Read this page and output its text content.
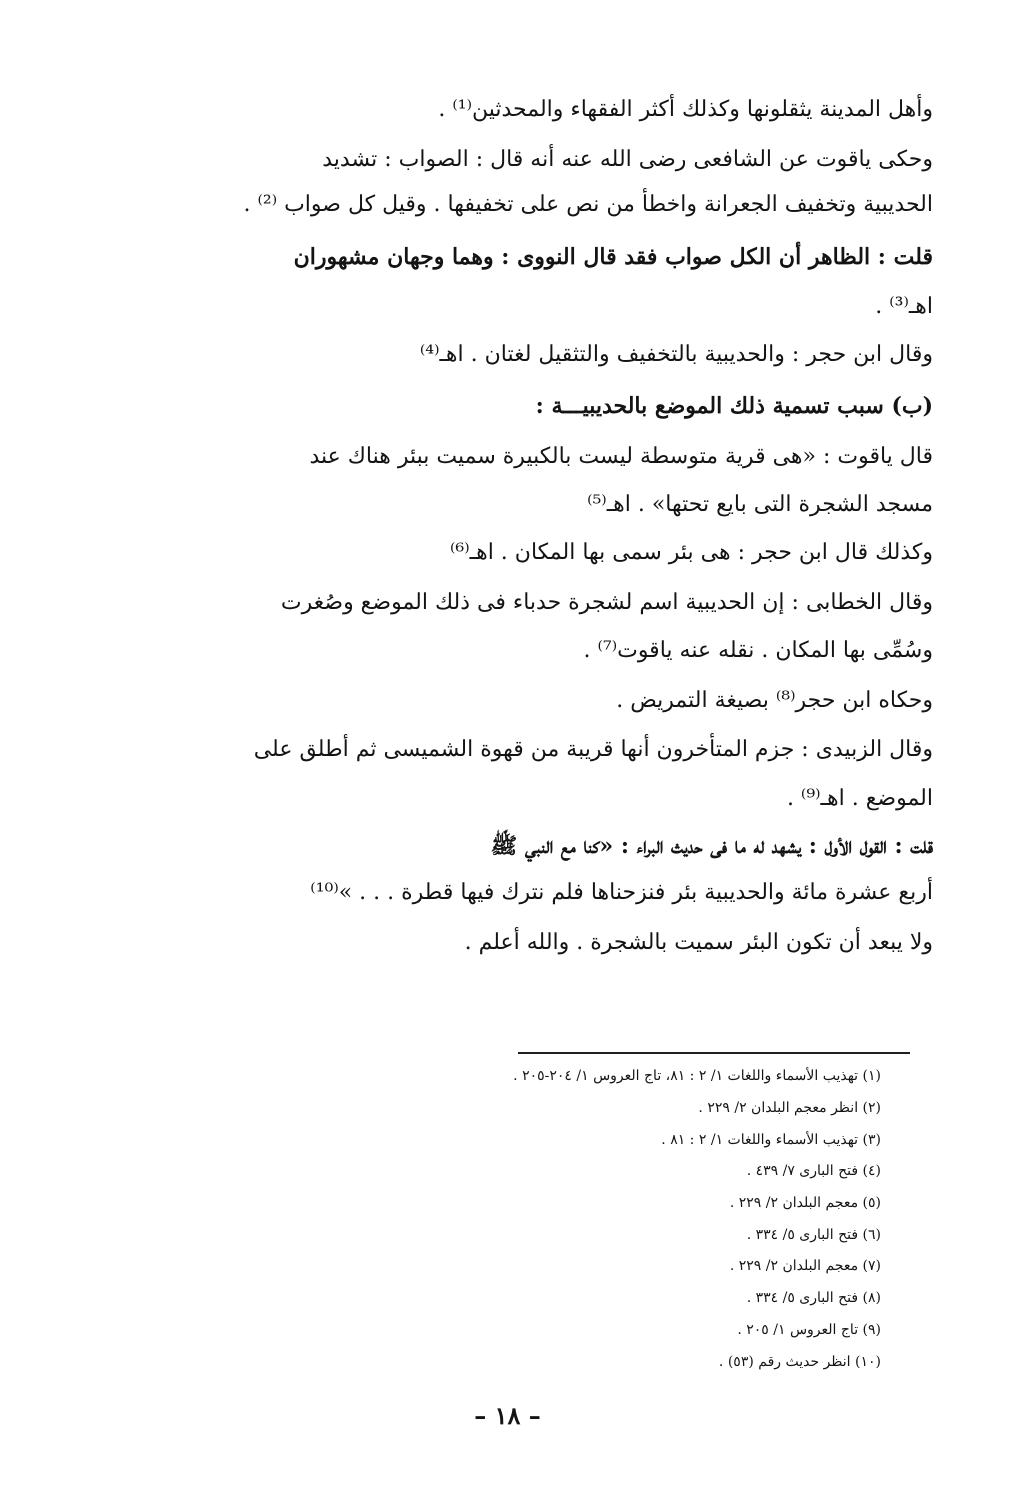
وأهل المدينة يثقلونها وكذلك أكثر الفقهاء والمحدثين⁽¹⁾ .
وحكى ياقوت عن الشافعى رضى الله عنه أنه قال : الصواب : تشديد
الحديبية وتخفيف الجعرانة واخطأ من نص على تخفيفها . وقيل كل صواب ⁽²⁾ .
قلت : الظاهر أن الكل صواب فقد قال النووى : وهما وجهان مشهوران
اهـ⁽³⁾ .
وقال ابن حجر : والحديبية بالتخفيف والتثقيل لغتان . اهـ⁽⁴⁾
(ب) سبب تسمية ذلك الموضع بالحديبيـــة :
قال ياقوت : «هى قرية متوسطة ليست بالكبيرة سميت ببئر هناك عند
مسجد الشجرة التى بايع تحتها» . اهـ⁽⁵⁾
وكذلك قال ابن حجر : هى بئر سمى بها المكان . اهـ⁽⁶⁾
وقال الخطابى : إن الحديبية اسم لشجرة حدباء فى ذلك الموضع وصُغرت
وسُمِّى بها المكان . نقله عنه ياقوت⁽⁷⁾ .
وحكاه ابن حجر⁽⁸⁾ بصيغة التمريض .
وقال الزبيدى : جزم المتأخرون أنها قريبة من قهوة الشميسى ثم أطلق على
الموضع . اهـ⁽⁹⁾ .
قلت : القول الأول : يشهد له ما فى حديث البراء : «كنا مع النبي ﷺ
أربع عشرة مائة والحديبية بئر فنزحناها فلم نترك فيها قطرة . . . »⁽¹⁰⁾
ولا يبعد أن تكون البئر سميت بالشجرة . والله أعلم .
(١) تهذيب الأسماء واللغات ١/ ٢ : ٨١، تاج العروس ١/ ٢٠٤-٢٠٥ .
(٢) انظر معجم البلدان ٢/ ٢٢٩ .
(٣) تهذيب الأسماء واللغات ١/ ٢ : ٨١ .
(٤) فتح البارى ٧/ ٤٣٩ .
(٥) معجم البلدان ٢/ ٢٢٩ .
(٦) فتح البارى ٥/ ٣٣٤ .
(٧) معجم البلدان ٢/ ٢٢٩ .
(٨) فتح البارى ٥/ ٣٣٤ .
(٩) تاج العروس ١/ ٢٠٥ .
(١٠) انظر حديث رقم (٥٣) .
– ١٨ –
